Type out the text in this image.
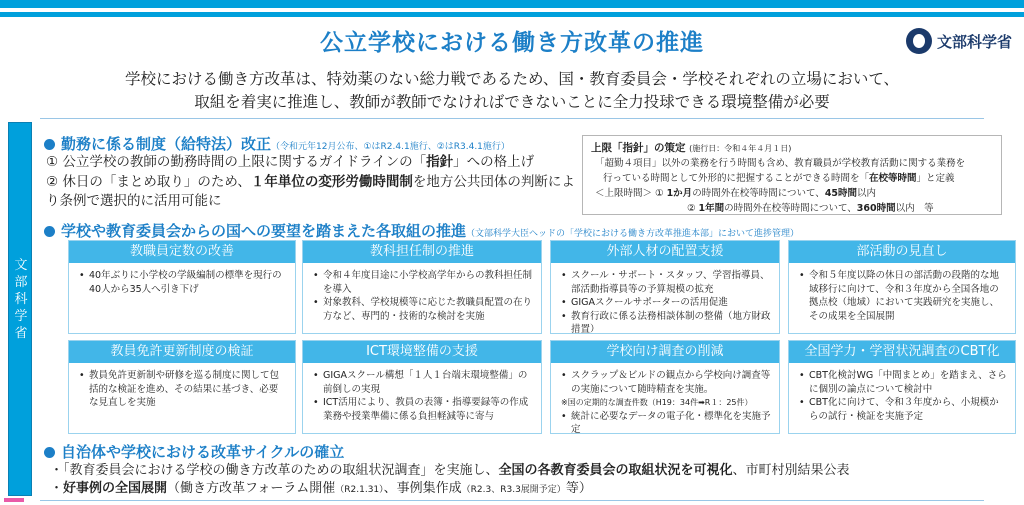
公立学校における働き方改革の推進	文部科学省
学校における働き方改革は、特効薬のない総力戦であるため、国・教育委員会・学校それぞれの立場において、
取組を着実に推進し、教師が教師でなければできないことに全力投球できる環境整備が必要
文
部
科
学
省
勤務に係る制度（給特法）改正（令和元年12月公布、①はR2.4.1施行、②はR3.4.1施行）

① 公立学校の教師の勤務時間の上限に関するガイドラインの「指針」への格上げ

② 休日の「まとめ取り」のため、１年単位の変形労働時間制を地方公共団体の判断により条例で選択的に活用可能に

上限「指針」の策定 (施行日：令和４年４月１日)
「超勤４項目」以外の業務を行う時間も含め、教育職員が学校教育活動に関する業務を
行っている時間として外形的に把握することができる時間を「在校等時間」と定義
＜上限時間＞ ① 1か月の時間外在校等時間について、45時間以内
② 1年間の時間外在校等時間について、360時間以内　等
学校や教育委員会からの国への要望を踏まえた各取組の推進（文部科学大臣ヘッドの「学校における働き方改革推進本部」において進捗管理）
教職員定数の改善
• 40年ぶりに小学校の学級編制の標準を現行の40人から35人へ引き下げ
教科担任制の推進
• 令和４年度目途に小学校高学年からの教科担任制を導入
• 対象教科、学校規模等に応じた教職員配置の在り方など、専門的・技術的な検討を実施
外部人材の配置支援
• スクール・サポート・スタッフ、学習指導員、部活動指導員等の予算規模の拡充
• GIGAスクールサポーターの活用促進
• 教育行政に係る法務相談体制の整備（地方財政措置）
部活動の見直し
• 令和５年度以降の休日の部活動の段階的な地域移行に向けて、令和３年度から全国各地の拠点校（地域）において実践研究を実施し、その成果を全国展開
教員免許更新制度の検証
• 教員免許更新制や研修を巡る制度に関して包括的な検証を進め、その結果に基づき、必要な見直しを実施
ICT環境整備の支援
• GIGAスクール構想「１人１台端末環境整備」の前倒しの実現
• ICT活用により、教員の表簿・指導要録等の作成業務や授業準備に係る負担軽減等に寄与
学校向け調査の削減
• スクラップ＆ビルドの観点から学校向け調査等の実施について随時精査を実施。
※国の定期的な調査件数（H19：34件➡R１：25件）
• 統計に必要なデータの電子化・標準化を実施予定
全国学力・学習状況調査のCBT化
• CBT化検討WG「中間まとめ」を踏まえ、さらに個別の論点について検討中
• CBT化に向けて、令和３年度から、小規模からの試行・検証を実施予定
自治体や学校における改革サイクルの確立
・「教育委員会における学校の働き方改革のための取組状況調査」を実施し、全国の各教育委員会の取組状況を可視化、市町村別結果公表
・好事例の全国展開（働き方改革フォーラム開催（R2.1.31）、事例集作成（R2.3、R3.3展開予定）等）
